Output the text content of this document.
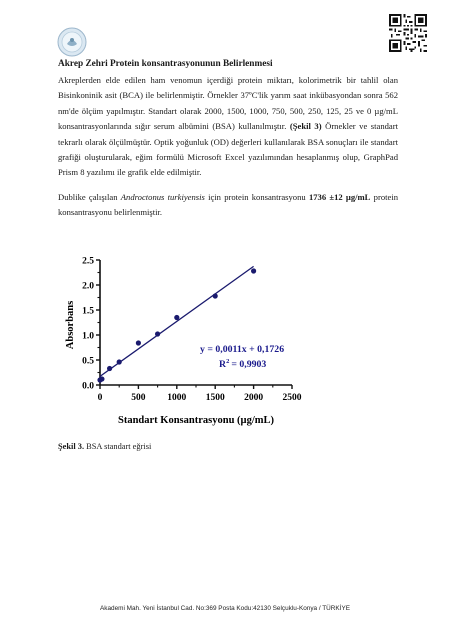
Akrep Zehri Protein konsantrasyonunun Belirlenmesi

Akreplerden elde edilen ham venomun içerdiği protein miktarı, kolorimetrik bir tahlil olan Bisinkoninik asit (BCA) ile belirlenmiştir. Örnekler 37ºC'lik yarım saat inkübasyondan sonra 562 nm'de ölçüm yapılmıştır. Standart olarak 2000, 1500, 1000, 750, 500, 250, 125, 25 ve 0 µg/mL konsantrasyonlarında sığır serum albümini (BSA) kullanılmıştır. (Şekil 3) Örnekler ve standart tekrarlı olarak ölçülmüştür. Optik yoğunluk (OD) değerleri kullanılarak BSA sonuçları ile standart grafiği oluşturularak, eğim formülü Microsoft Excel yazılımından hesaplanmış olup, GraphPad Prism 8 yazılımı ile grafik elde edilmiştir.

Dublike çalışılan Androctonus turkiyensis için protein konsantrasyonu 1736 ±12 µg/mL protein konsantrasyonu belirlenmiştir.

0	500 1000 1500 2000 2500
0.0
0.5
1.0
1.5
2.0
2.5
Absorbans
Standart Konsantrasyonu (µg/mL)
y = 0,0011x + 0,1726
$R^2 = 0,9903$
Şekil 3. BSA standart eğrisi
Akademi Mah. Yeni İstanbul Cad. No:369 Posta Kodu:42130 Selçuklu-Konya / TÜRKİYE
